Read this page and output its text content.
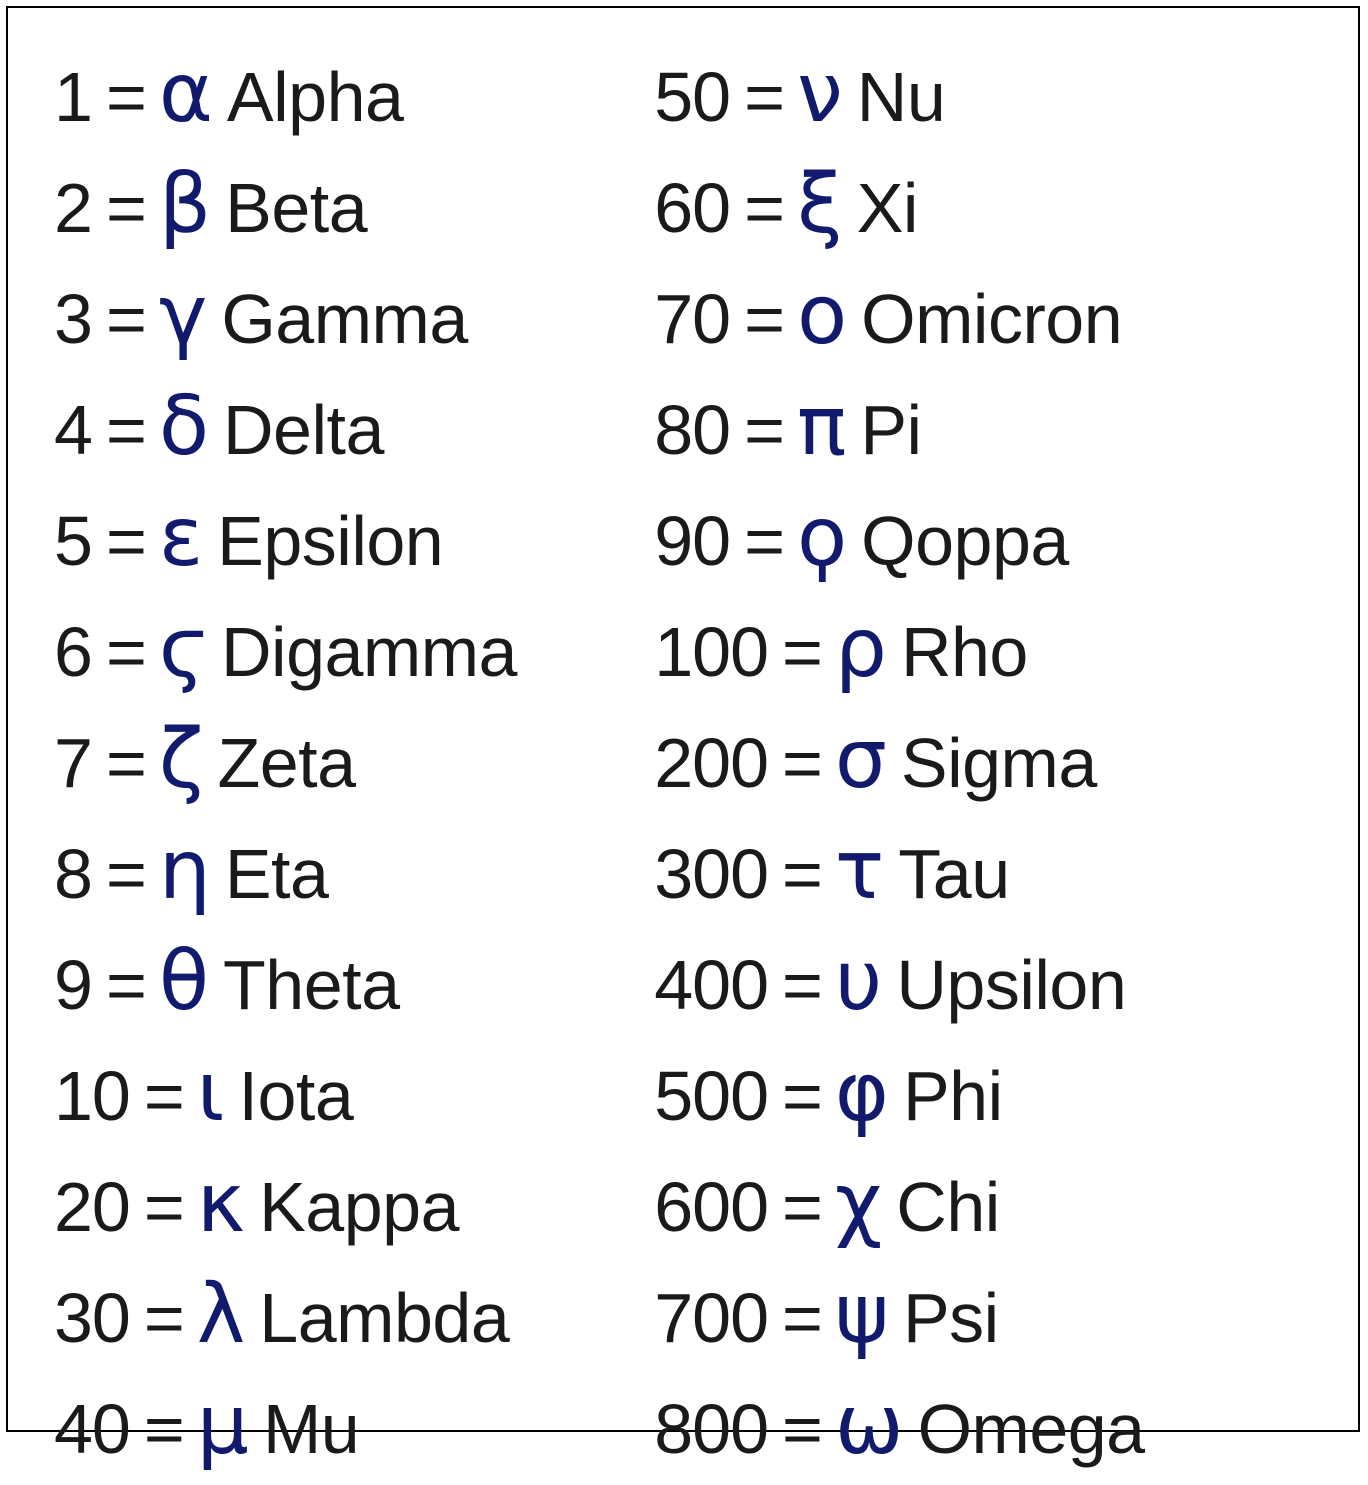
1 = α Alpha
2 = β Beta
3 = γ Gamma
4 = δ Delta
5 = ε Epsilon
6 = ϛ Digamma
7 = ζ Zeta
8 = η Eta
9 = θ Theta
10 = ι Iota
20 = κ Kappa
30 = λ Lambda
40 = μ Mu
50 = ν Nu
60 = ξ Xi
70 = ο Omicron
80 = π Pi
90 = ϙ Qoppa
100 = ρ Rho
200 = σ Sigma
300 = τ Tau
400 = υ Upsilon
500 = φ Phi
600 = χ Chi
700 = ψ Psi
800 = ω Omega
